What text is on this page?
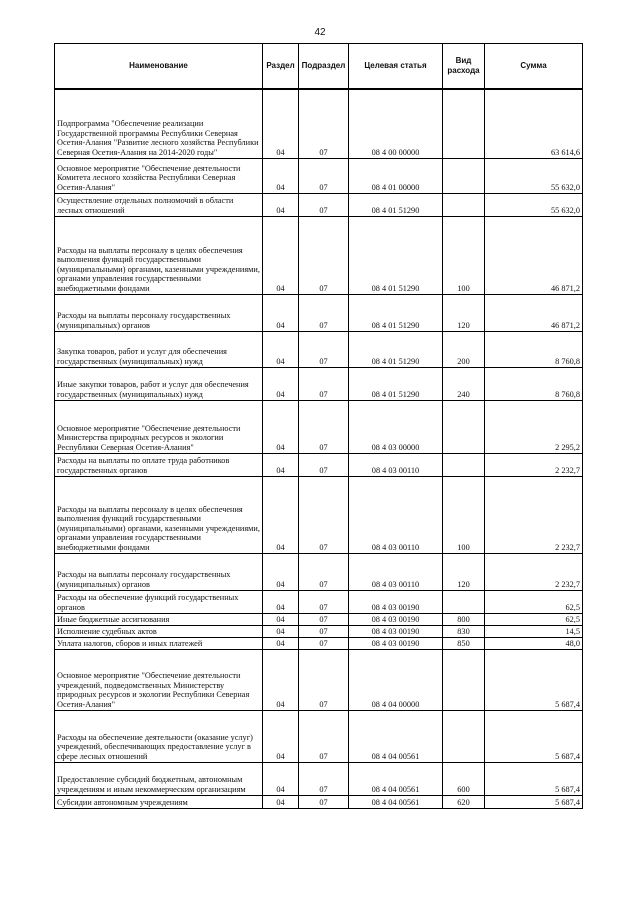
42
Наименование	Раздел	Подраздел	Целевая статья	Вид расхода	Сумма
Подпрограмма "Обеспечение реализации Государственной программы Республики Северная Осетия-Алания "Развитие лесного хозяйства Республики Северная Осетия-Алания на 2014-2020 годы"	04	07	08 4 00 00000		63 614,6
Основное мероприятие "Обеспечение деятельности Комитета лесного хозяйства Республики Северная Осетия-Алания"	04	07	08 4 01 00000		55 632,0
Осуществление отдельных полномочий в области лесных отношений	04	07	08 4 01 51290		55 632,0
Расходы на выплаты персоналу в целях обеспечения выполнения функций государственными (муниципальными) органами, казенными учреждениями, органами управления государственными внебюджетными фондами	04	07	08 4 01 51290	100	46 871,2
Расходы на выплаты персоналу государственных (муниципальных) органов	04	07	08 4 01 51290	120	46 871,2
Закупка товаров, работ и услуг для обеспечения государственных (муниципальных) нужд	04	07	08 4 01 51290	200	8 760,8
Иные закупки товаров, работ и услуг для обеспечения государственных (муниципальных) нужд	04	07	08 4 01 51290	240	8 760,8
Основное мероприятие "Обеспечение деятельности Министерства природных ресурсов и экологии Республики Северная Осетия-Алания"	04	07	08 4 03 00000		2 295,2
Расходы на выплаты по оплате труда работников государственных органов	04	07	08 4 03 00110		2 232,7
Расходы на выплаты персоналу в целях обеспечения выполнения функций государственными (муниципальными) органами, казенными учреждениями, органами управления государственными внебюджетными фондами	04	07	08 4 03 00110	100	2 232,7
Расходы на выплаты персоналу государственных (муниципальных) органов	04	07	08 4 03 00110	120	2 232,7
Расходы на обеспечение функций государственных органов	04	07	08 4 03 00190		62,5
Иные бюджетные ассигнования	04	07	08 4 03 00190	800	62,5
Исполнение судебных актов	04	07	08 4 03 00190	830	14,5
Уплата налогов, сборов и иных платежей	04	07	08 4 03 00190	850	48,0
Основное мероприятие "Обеспечение деятельности учреждений, подведомственных Министерству природных ресурсов и экологии Республики Северная Осетия-Алания"	04	07	08 4 04 00000		5 687,4
Расходы на обеспечение деятельности (оказание услуг) учреждений, обеспечивающих предоставление услуг в сфере лесных отношений	04	07	08 4 04 00561		5 687,4
Предоставление субсидий бюджетным, автономным учреждениям и иным некоммерческим организациям	04	07	08 4 04 00561	600	5 687,4
Субсидии автономным учреждениям	04	07	08 4 04 00561	620	5 687,4
